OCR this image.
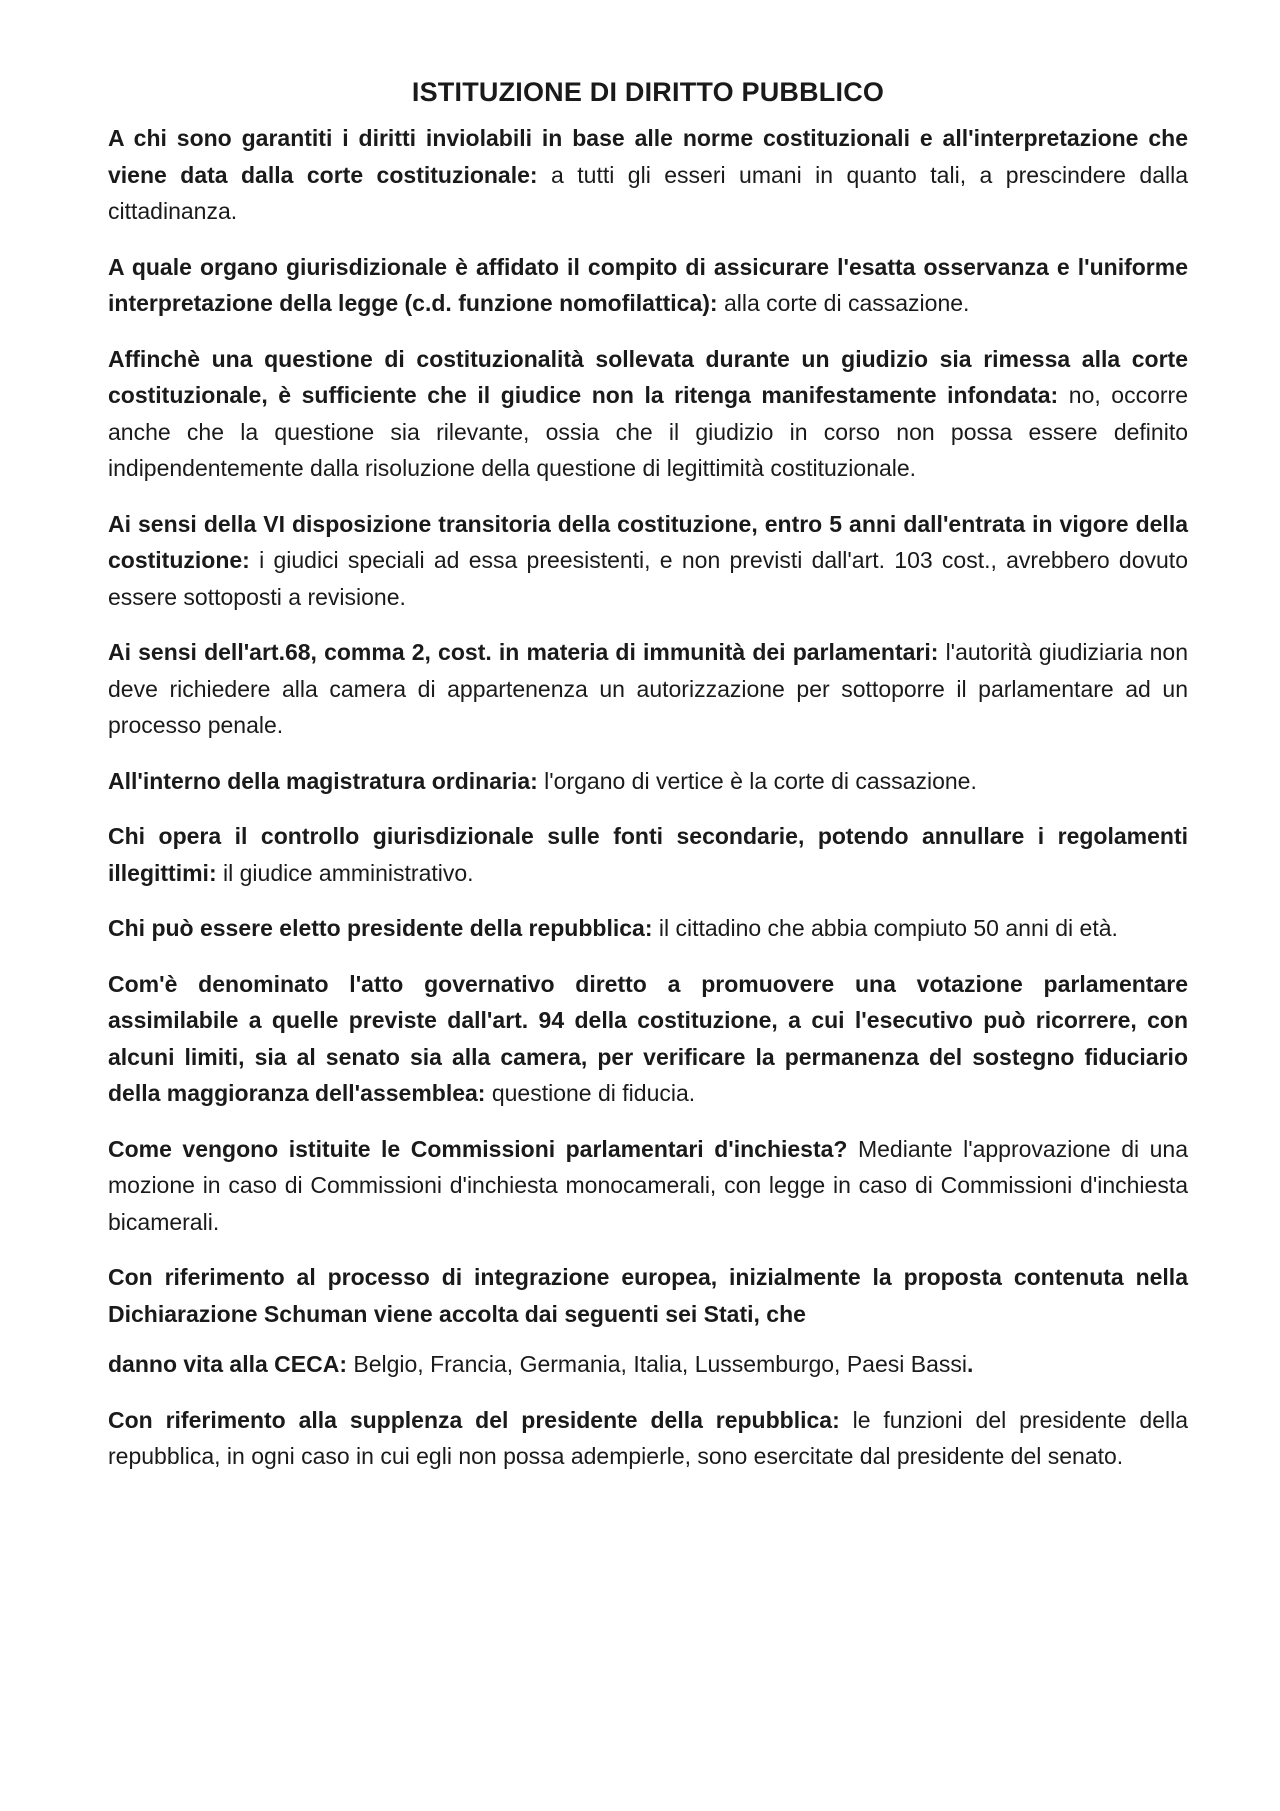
ISTITUZIONE DI DIRITTO PUBBLICO

A chi sono garantiti i diritti inviolabili in base alle norme costituzionali e all'interpretazione che viene data dalla corte costituzionale: a tutti gli esseri umani in quanto tali, a prescindere dalla cittadinanza.

A quale organo giurisdizionale è affidato il compito di assicurare l'esatta osservanza e l'uniforme interpretazione della legge (c.d. funzione nomofilattica): alla corte di cassazione.

Affinchè una questione di costituzionalità sollevata durante un giudizio sia rimessa alla corte costituzionale, è sufficiente che il giudice non la ritenga manifestamente infondata: no, occorre anche che la questione sia rilevante, ossia che il giudizio in corso non possa essere definito indipendentemente dalla risoluzione della questione di legittimità costituzionale.

Ai sensi della VI disposizione transitoria della costituzione, entro 5 anni dall'entrata in vigore della costituzione: i giudici speciali ad essa preesistenti, e non previsti dall'art. 103 cost., avrebbero dovuto essere sottoposti a revisione.

Ai sensi dell'art.68, comma 2, cost. in materia di immunità dei parlamentari: l'autorità giudiziaria non deve richiedere alla camera di appartenenza un autorizzazione per sottoporre il parlamentare ad un processo penale.

All'interno della magistratura ordinaria: l'organo di vertice è la corte di cassazione.

Chi opera il controllo giurisdizionale sulle fonti secondarie, potendo annullare i regolamenti illegittimi: il giudice amministrativo.

Chi può essere eletto presidente della repubblica: il cittadino che abbia compiuto 50 anni di età.

Com'è denominato l'atto governativo diretto a promuovere una votazione parlamentare assimilabile a quelle previste dall'art. 94 della costituzione, a cui l'esecutivo può ricorrere, con alcuni limiti, sia al senato sia alla camera, per verificare la permanenza del sostegno fiduciario della maggioranza dell'assemblea: questione di fiducia.

Come vengono istituite le Commissioni parlamentari d'inchiesta? Mediante l'approvazione di una mozione in caso di Commissioni d'inchiesta monocamerali, con legge in caso di Commissioni d'inchiesta bicamerali.

Con riferimento al processo di integrazione europea, inizialmente la proposta contenuta nella Dichiarazione Schuman viene accolta dai seguenti sei Stati, che

danno vita alla CECA: Belgio, Francia, Germania, Italia, Lussemburgo, Paesi Bassi.

Con riferimento alla supplenza del presidente della repubblica: le funzioni del presidente della repubblica, in ogni caso in cui egli non possa adempierle, sono esercitate dal presidente del senato.
